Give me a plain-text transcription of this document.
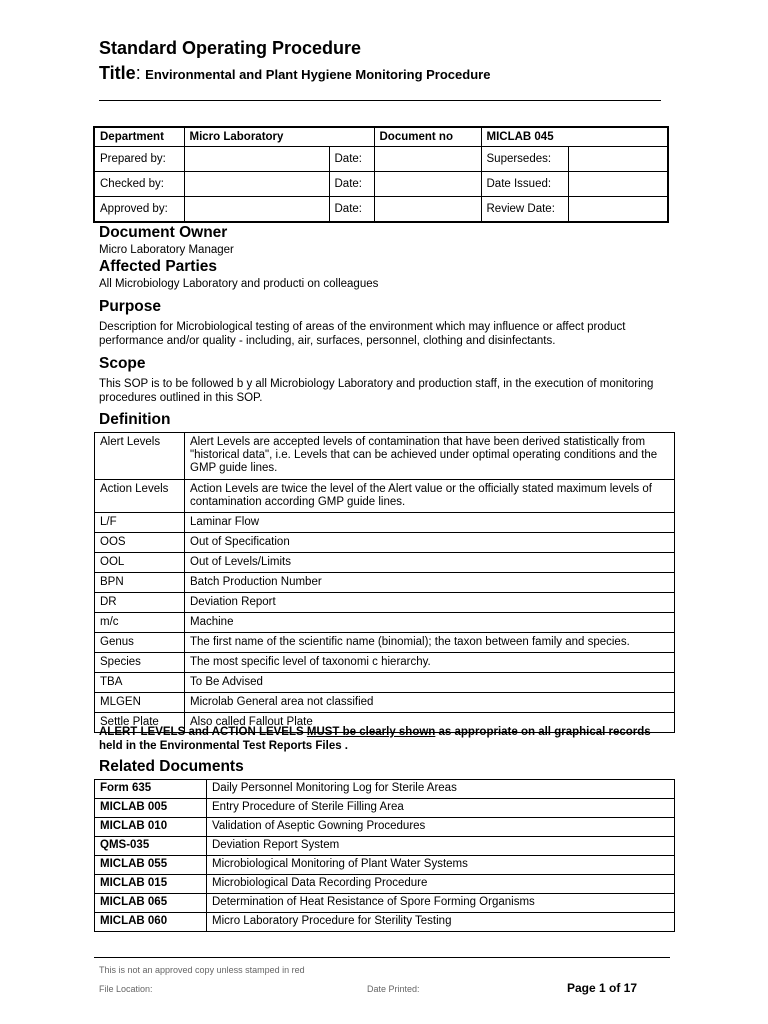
Standard Operating Procedure
Title: Environmental and Plant Hygiene Monitoring Procedure
Department	Micro Laboratory		Document no	MICLAB 045	
Prepared by:		Date:		Supersedes:	
Checked by:		Date:		Date Issued:	
Approved by:		Date:		Review Date:	
Document Owner
Micro Laboratory Manager
Affected Parties
All Microbiology Laboratory and producti on colleagues
Purpose
Description for Microbiological testing of areas of the environment which may influence or affect product
performance and/or quality - including, air, surfaces, personnel, clothing and disinfectants.
Scope
This SOP is to be followed b y all Microbiology Laboratory and production staff, in the execution of monitoring
procedures outlined in this SOP.
Definition
Alert Levels	Alert Levels are accepted levels of contamination that have been derived statistically from "historical data", i.e. Levels that can be achieved under optimal operating conditions and the GMP guide lines.
Action Levels	Action Levels are twice the level of the Alert value or the officially stated maximum levels of contamination according GMP guide lines.
L/F	Laminar Flow
OOS	Out of Specification
OOL	Out of Levels/Limits
BPN	Batch Production Number
DR	Deviation Report
m/c	Machine
Genus	The first name of the scientific name (binomial); the taxon between family and species.
Species	The most specific level of taxonomi c hierarchy.
TBA	To Be Advised
MLGEN	Microlab General area not classified
Settle Plate	Also called Fallout Plate
ALERT LEVELS and ACTION LEVELS MUST be clearly shown as appropriate on all graphical records
held in the Environmental Test Reports Files .
Related Documents
Form 635	Daily Personnel Monitoring Log for Sterile Areas
MICLAB 005	Entry Procedure of Sterile Filling Area
MICLAB 010	Validation of Aseptic Gowning Procedures
QMS-035	Deviation Report System
MICLAB 055	Microbiological Monitoring of Plant Water Systems
MICLAB 015	Microbiological Data Recording Procedure
MICLAB 065	Determination of Heat Resistance of Spore Forming Organisms
MICLAB 060	Micro Laboratory Procedure for Sterility Testing
This is not an approved copy unless stamped in red
File Location:	Date Printed:	Page 1 of 17
